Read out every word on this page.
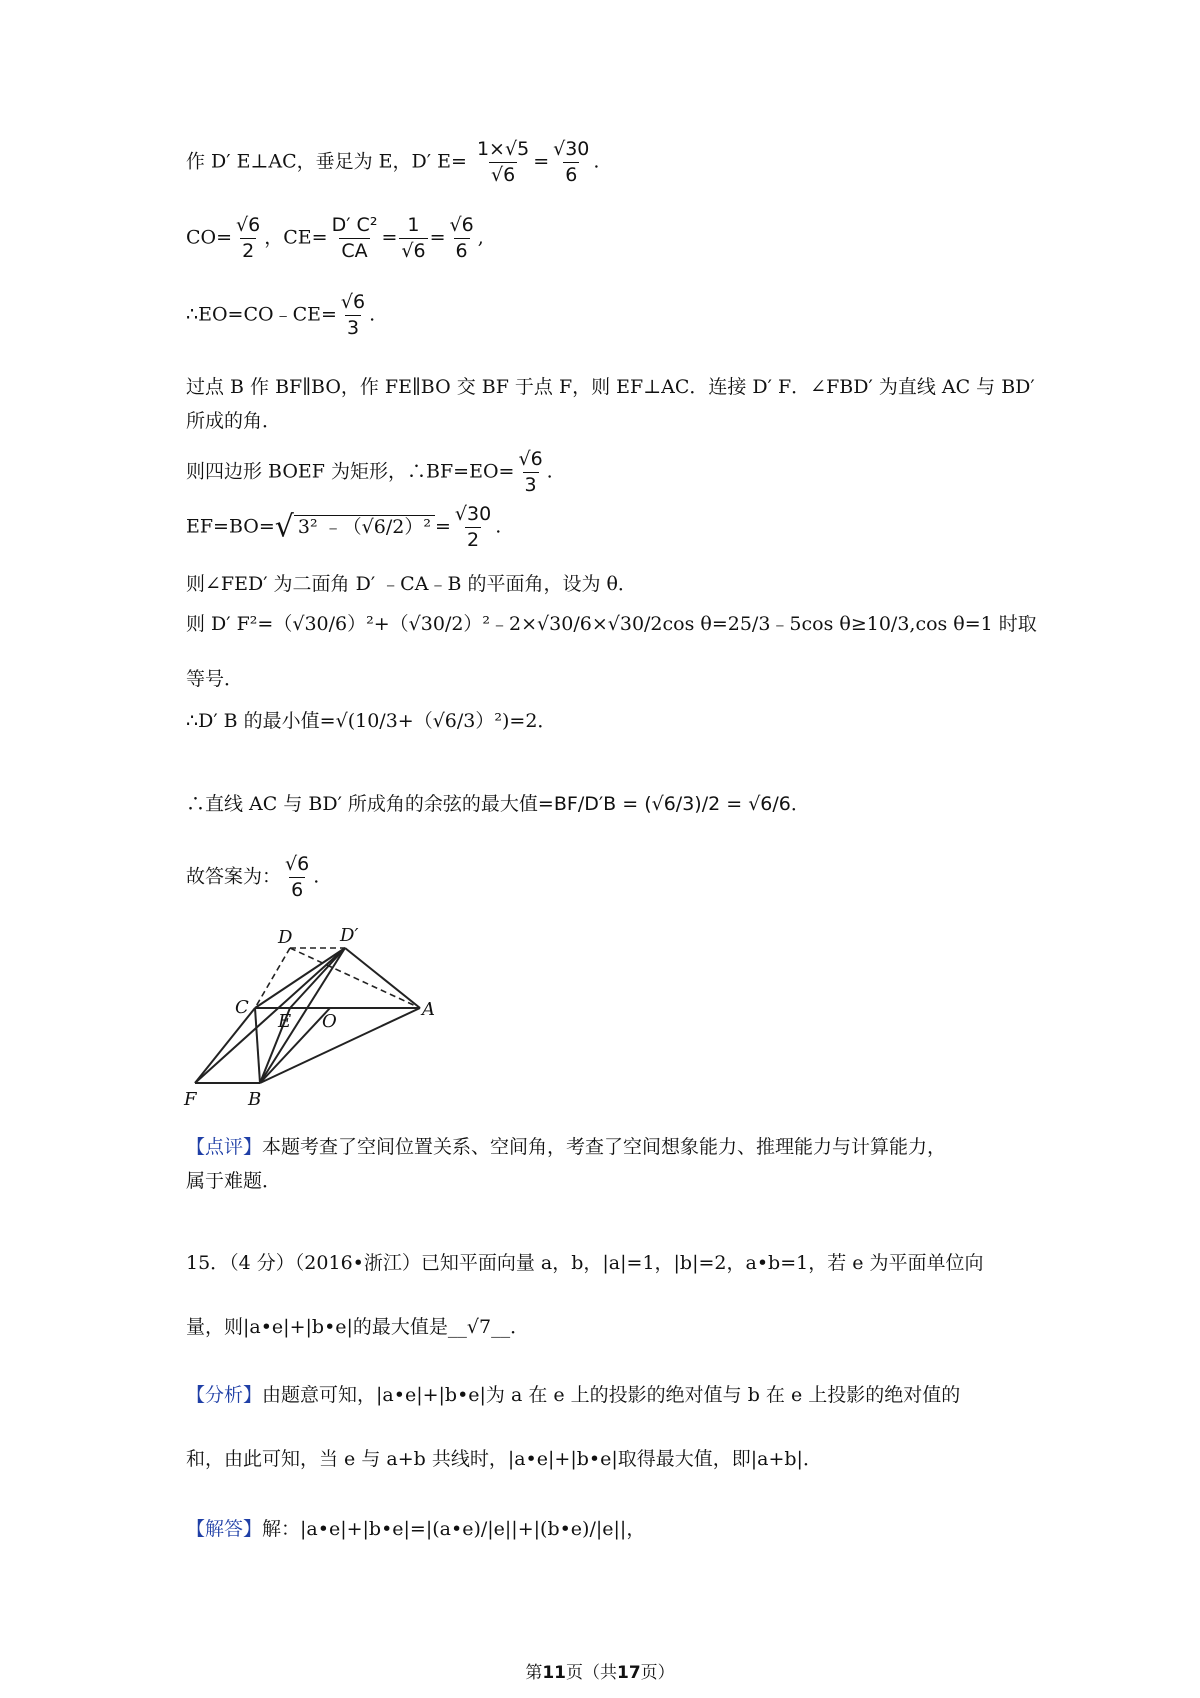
作 D′ E⊥AC，垂足为 E，D′ $E= \frac{1\times√5}{√6} = \frac{√30}{6}$ .
$CO= \frac{√6}{2}$ ，$CE= \frac{\text{D′ C²}}{CA} = \frac{1}{√6} = \frac{√6}{6}$ ,
∴EO=CO﹣CE= $\frac{√6}{3}$ .
过点 B 作 BF∥BO，作 FE∥BO 交 BF 于点 F，则 EF⊥AC．连接 D′ F．∠FBD′ 为直线 AC 与 BD′
所成的角．
则四边形 BOEF 为矩形，∴BF=EO= $\frac{√6}{3}$ .
EF=BO=√ 3² ﹣（√6/2）² = $\frac{√30}{2}$ .
则∠FED′ 为二面角 D′ ﹣CA﹣B 的平面角，设为 θ．
则 D′ F²=（√30/6）²+（√30/2）²﹣2×√30/6×√30/2cos θ=25/3﹣5cos θ≥10/3,cos θ=1 时取
等号．
∴D′ B 的最小值=√(10/3+（√6/3）²)=2．
∴直线 AC 与 BD′ 所成角的余弦的最大值=BF/D′B = (√6/3)/2 = √6/6．
故答案为： $\frac{√6}{6}$ .
D	D′
C
E O
A
F	B
【点评】本题考查了空间位置关系、空间角，考查了空间想象能力、推理能力与计算能力，
属于难题．
15．（4 分）（2016•浙江）已知平面向量 a，b，|a|=1，|b|=2，a•b=1，若 e 为平面单位向
量，则|a•e|+|b•e|的最大值是__√7__．
【分析】由题意可知，|a•e|+|b•e|为 a 在 e 上的投影的绝对值与 b 在 e 上投影的绝对值的
和，由此可知，当 e 与 a+b 共线时，|a•e|+|b•e|取得最大值，即|a+b|．
【解答】解：|a•e|+|b•e|=|(a•e)/|e||+|(b•e)/|e||，
第11页（共17页）
